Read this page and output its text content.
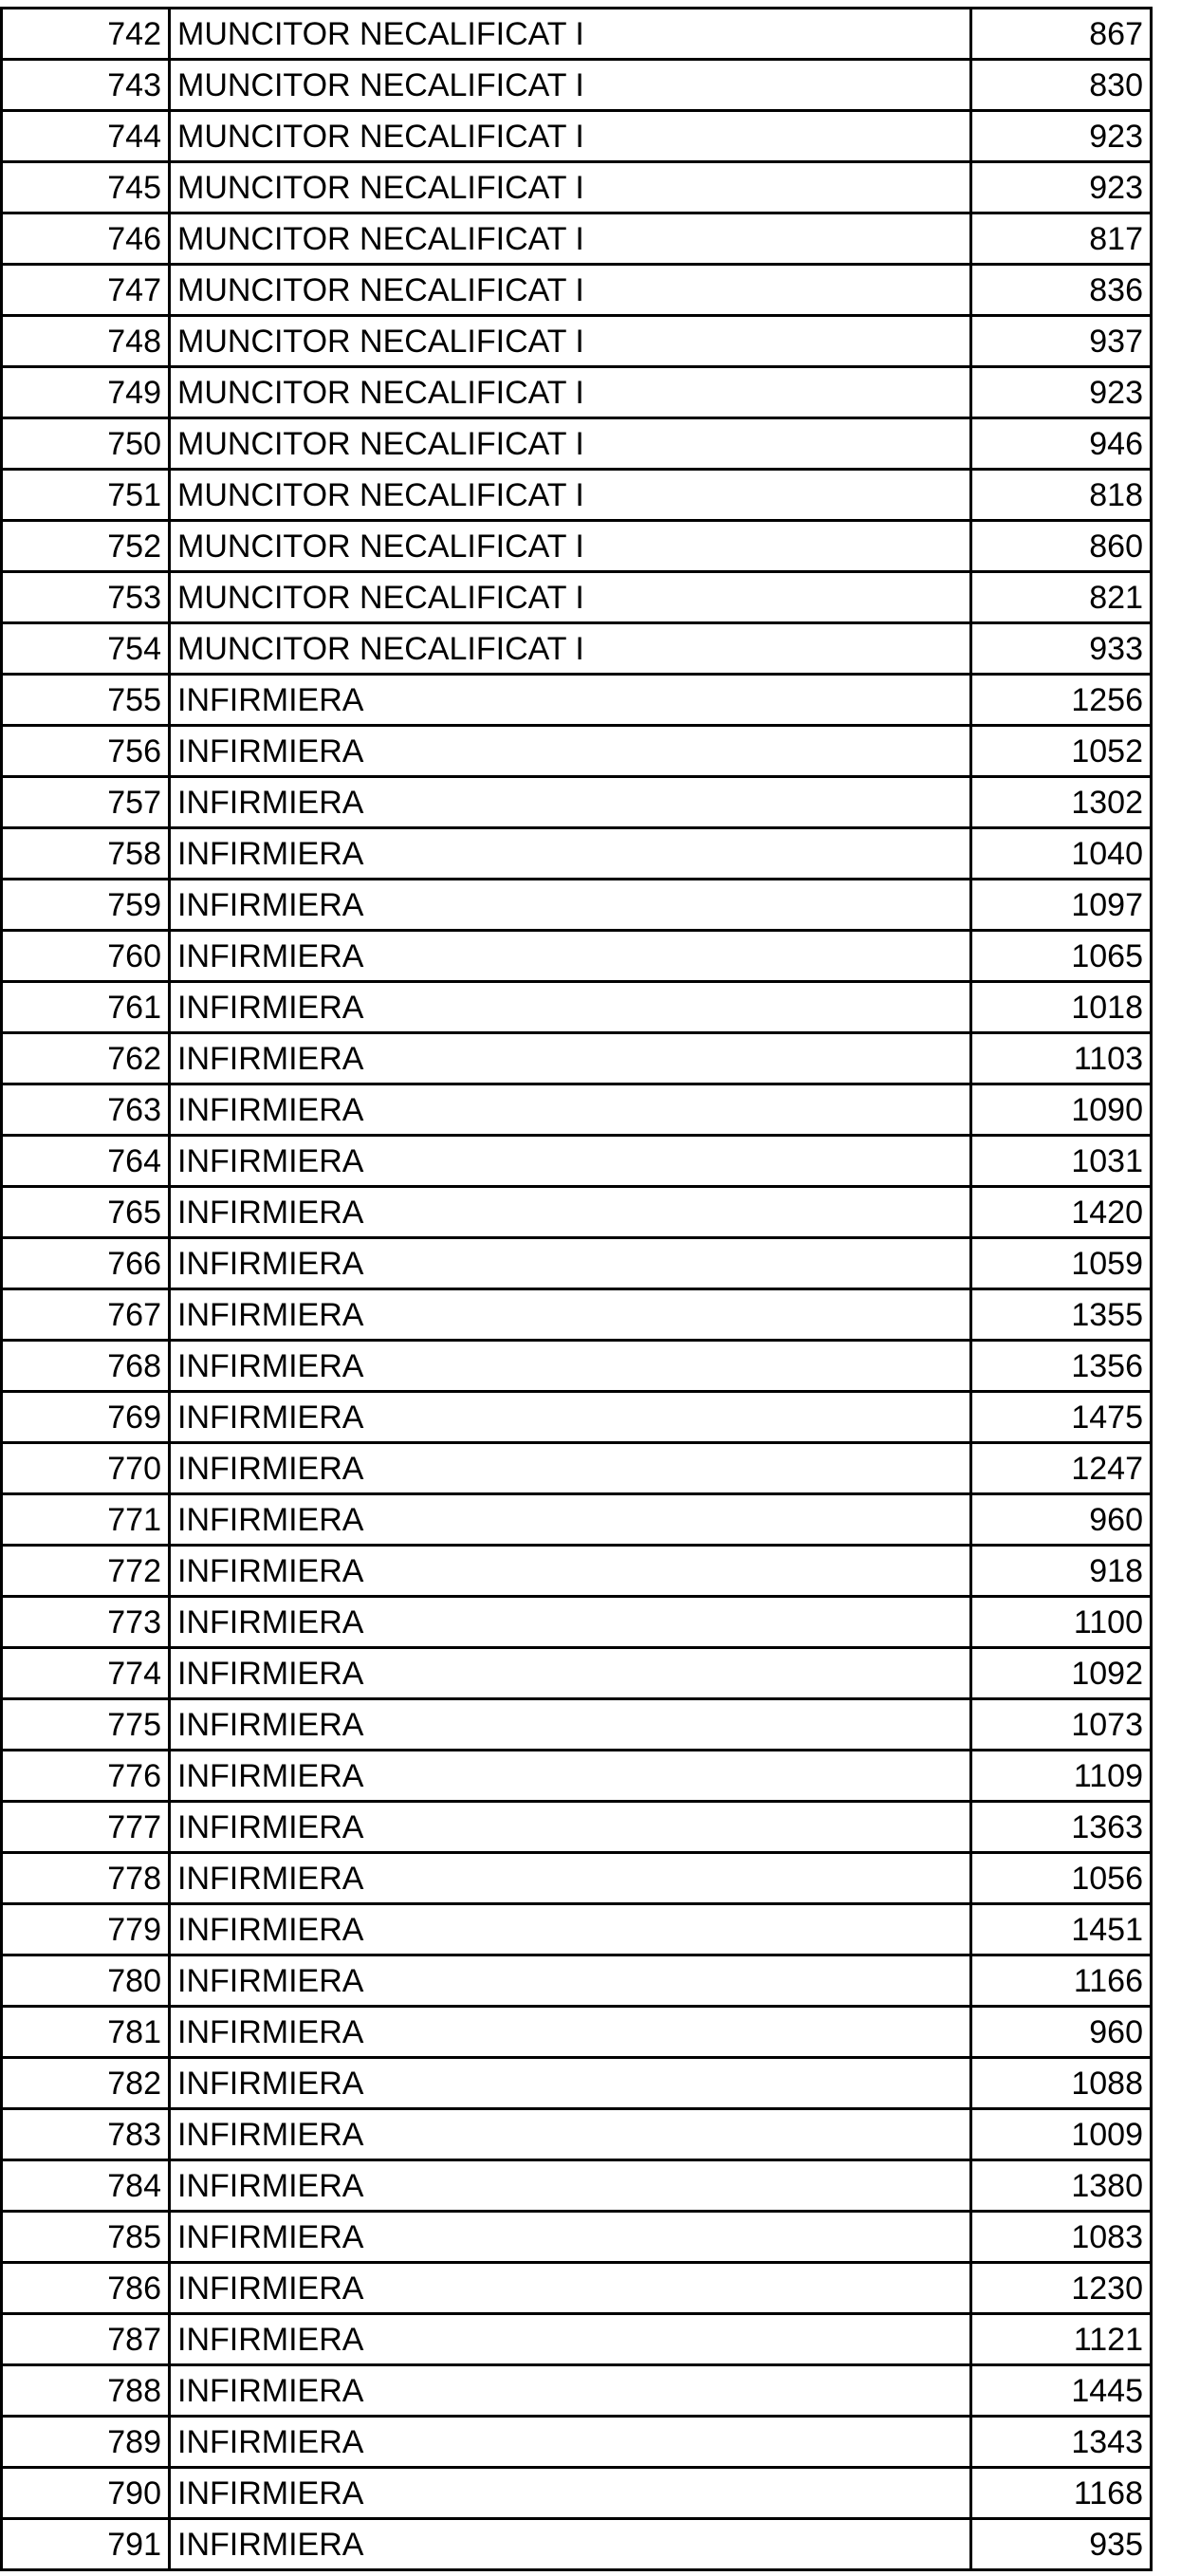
742	MUNCITOR NECALIFICAT I	867
743	MUNCITOR NECALIFICAT I	830
744	MUNCITOR NECALIFICAT I	923
745	MUNCITOR NECALIFICAT I	923
746	MUNCITOR NECALIFICAT I	817
747	MUNCITOR NECALIFICAT I	836
748	MUNCITOR NECALIFICAT I	937
749	MUNCITOR NECALIFICAT I	923
750	MUNCITOR NECALIFICAT I	946
751	MUNCITOR NECALIFICAT I	818
752	MUNCITOR NECALIFICAT I	860
753	MUNCITOR NECALIFICAT I	821
754	MUNCITOR NECALIFICAT I	933
755	INFIRMIERA	1256
756	INFIRMIERA	1052
757	INFIRMIERA	1302
758	INFIRMIERA	1040
759	INFIRMIERA	1097
760	INFIRMIERA	1065
761	INFIRMIERA	1018
762	INFIRMIERA	1103
763	INFIRMIERA	1090
764	INFIRMIERA	1031
765	INFIRMIERA	1420
766	INFIRMIERA	1059
767	INFIRMIERA	1355
768	INFIRMIERA	1356
769	INFIRMIERA	1475
770	INFIRMIERA	1247
771	INFIRMIERA	960
772	INFIRMIERA	918
773	INFIRMIERA	1100
774	INFIRMIERA	1092
775	INFIRMIERA	1073
776	INFIRMIERA	1109
777	INFIRMIERA	1363
778	INFIRMIERA	1056
779	INFIRMIERA	1451
780	INFIRMIERA	1166
781	INFIRMIERA	960
782	INFIRMIERA	1088
783	INFIRMIERA	1009
784	INFIRMIERA	1380
785	INFIRMIERA	1083
786	INFIRMIERA	1230
787	INFIRMIERA	1121
788	INFIRMIERA	1445
789	INFIRMIERA	1343
790	INFIRMIERA	1168
791	INFIRMIERA	935
